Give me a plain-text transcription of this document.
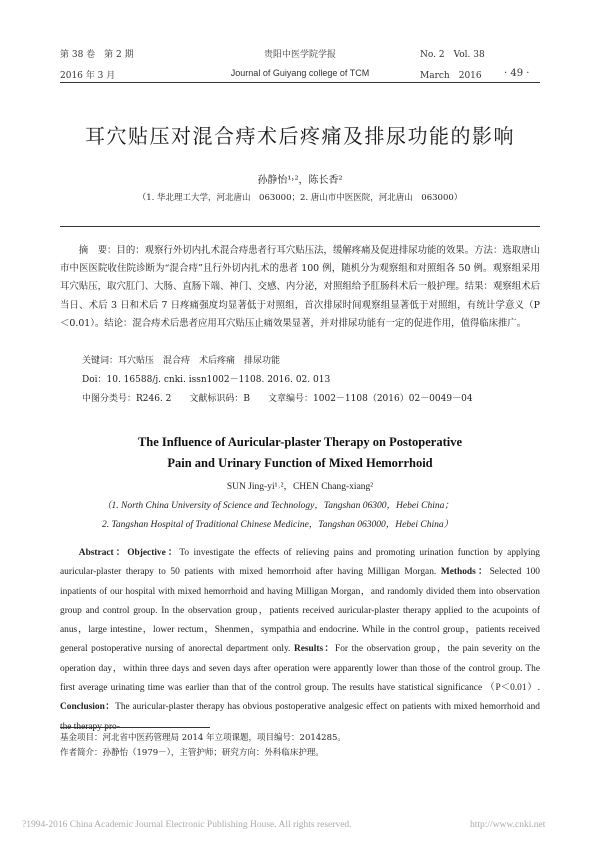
第 38 卷　第 2 期
2016 年 3 月
贵阳中医学院学报
Journal of Guiyang college of TCM
No. 2　Vol. 38
March　2016 · 49 ·
耳穴贴压对混合痔术后疼痛及排尿功能的影响
孙静怡¹˒²，陈长香²
（1. 华北理工大学，河北唐山　063000；2. 唐山市中医医院，河北唐山　063000）
摘　要：目的：观察行外切内扎术混合痔患者行耳穴贴压法，缓解疼痛及促进排尿功能的效果。方法：选取唐山市中医医院收住院诊断为“混合痔”且行外切内扎术的患者 100 例，随机分为观察组和对照组各 50 例。观察组采用耳穴贴压，取穴肛门、大肠、直肠下端、神门、交感、内分泌，对照组给予肛肠科术后一般护理。结果：观察组术后当日、术后 3 日和术后 7 日疼痛强度均显著低于对照组，首次排尿时间观察组显著低于对照组，有统计学意义（P＜0.01）。结论：混合痔术后患者应用耳穴贴压止痛效果显著，并对排尿功能有一定的促进作用，值得临床推广。
关键词：耳穴贴压　混合痔　术后疼痛　排尿功能
Doi：10. 16588/j. cnki. issn1002－1108. 2016. 02. 013
中图分类号：R246. 2　　文献标识码：B　　文章编号：1002－1108（2016）02－0049－04
The Influence of Auricular-plaster Therapy on Postoperative
Pain and Urinary Function of Mixed Hemorrhoid
SUN Jing-yi¹˒²，CHEN Chang-xiang²
（1. North China University of Science and Technology，Tangshan 06300，Hebei China；
2. Tangshan Hospital of Traditional Chinese Medicine，Tangshan 063000，Hebei China）
Abstract：Objective：To investigate the effects of relieving pains and promoting urination function by applying auricular-plaster therapy to 50 patients with mixed hemorrhoid after having Milligan Morgan. Methods：Selected 100 inpatients of our hospital with mixed hemorrhoid and having Milligan Morgan，and randomly divided them into observation group and control group. In the observation group，patients received auricular-plaster therapy applied to the acupoints of anus，large intestine，lower rectum，Shenmen，sympathia and endocrine. While in the control group，patients received general postoperative nursing of anorectal department only. Results：For the observation group，the pain severity on the operation day，within three days and seven days after operation were apparently lower than those of the control group. The first average urinating time was earlier than that of the control group. The results have statistical significance （P＜0.01）. Conclusion：The auricular-plaster therapy has obvious postoperative analgesic effect on patients with mixed hemorrhoid and the therapy pro-
基金项目：河北省中医药管理局 2014 年立项课题，项目编号：2014285。
作者简介：孙静怡（1979－），主管护师；研究方向：外科临床护理。
?1994-2016 China Academic Journal Electronic Publishing House. All rights reserved.	http://www.cnki.net
